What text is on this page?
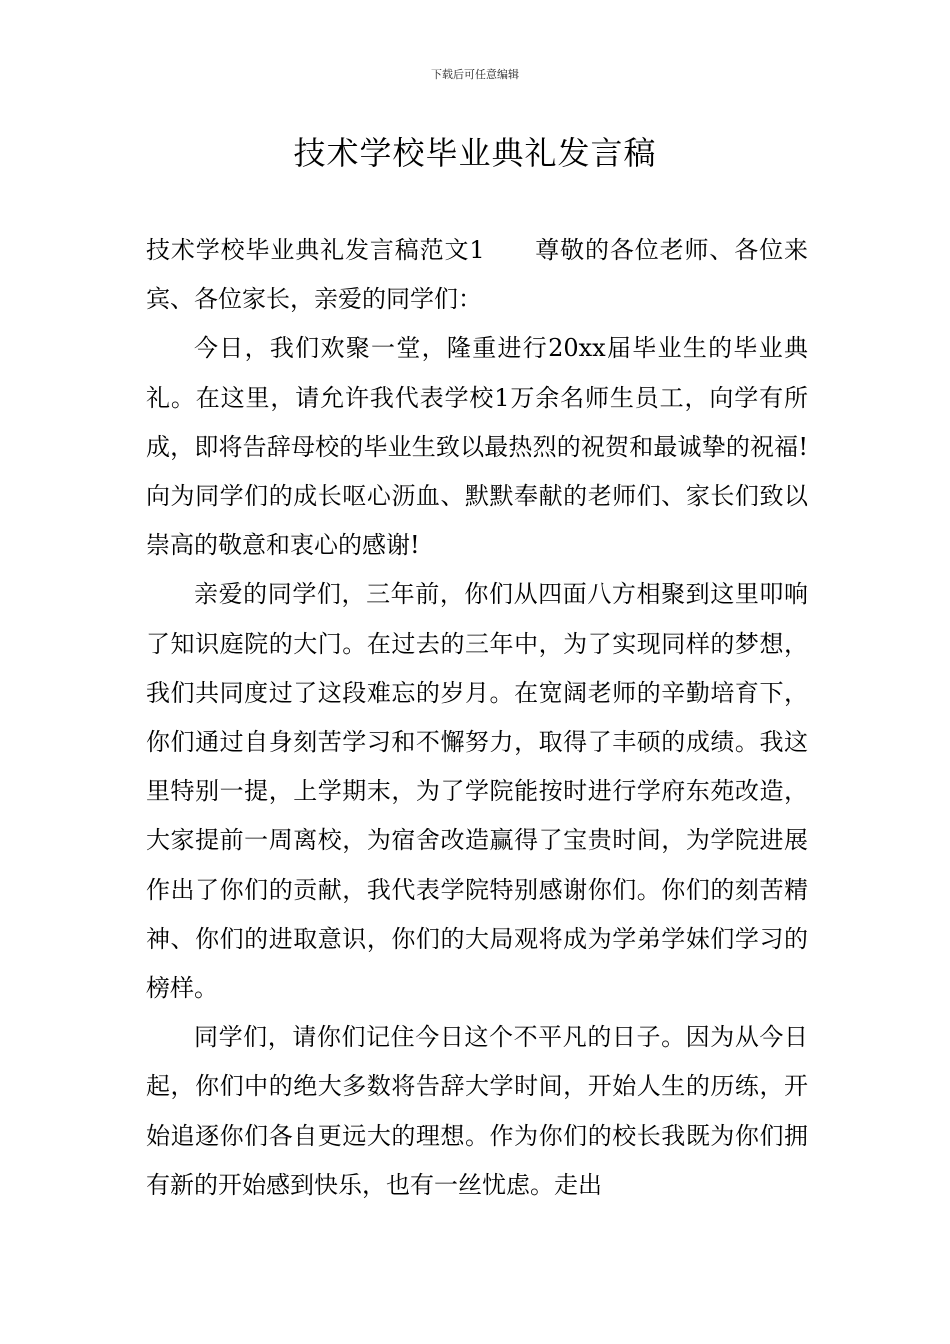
下载后可任意编辑
技术学校毕业典礼发言稿

技术学校毕业典礼发言稿范文1　　尊敬的各位老师、各位来宾、各位家长，亲爱的同学们：

今日，我们欢聚一堂，隆重进行20xx届毕业生的毕业典礼。在这里，请允许我代表学校1万余名师生员工，向学有所成，即将告辞母校的毕业生致以最热烈的祝贺和最诚挚的祝福!向为同学们的成长呕心沥血、默默奉献的老师们、家长们致以崇高的敬意和衷心的感谢!

亲爱的同学们，三年前，你们从四面八方相聚到这里叩响了知识庭院的大门。在过去的三年中，为了实现同样的梦想，我们共同度过了这段难忘的岁月。在宽阔老师的辛勤培育下，你们通过自身刻苦学习和不懈努力，取得了丰硕的成绩。我这里特别一提，上学期末，为了学院能按时进行学府东苑改造，大家提前一周离校，为宿舍改造赢得了宝贵时间，为学院进展作出了你们的贡献，我代表学院特别感谢你们。你们的刻苦精神、你们的进取意识，你们的大局观将成为学弟学妹们学习的榜样。

同学们，请你们记住今日这个不平凡的日子。因为从今日起，你们中的绝大多数将告辞大学时间，开始人生的历练，开始追逐你们各自更远大的理想。作为你们的校长我既为你们拥有新的开始感到快乐，也有一丝忧虑。走出
